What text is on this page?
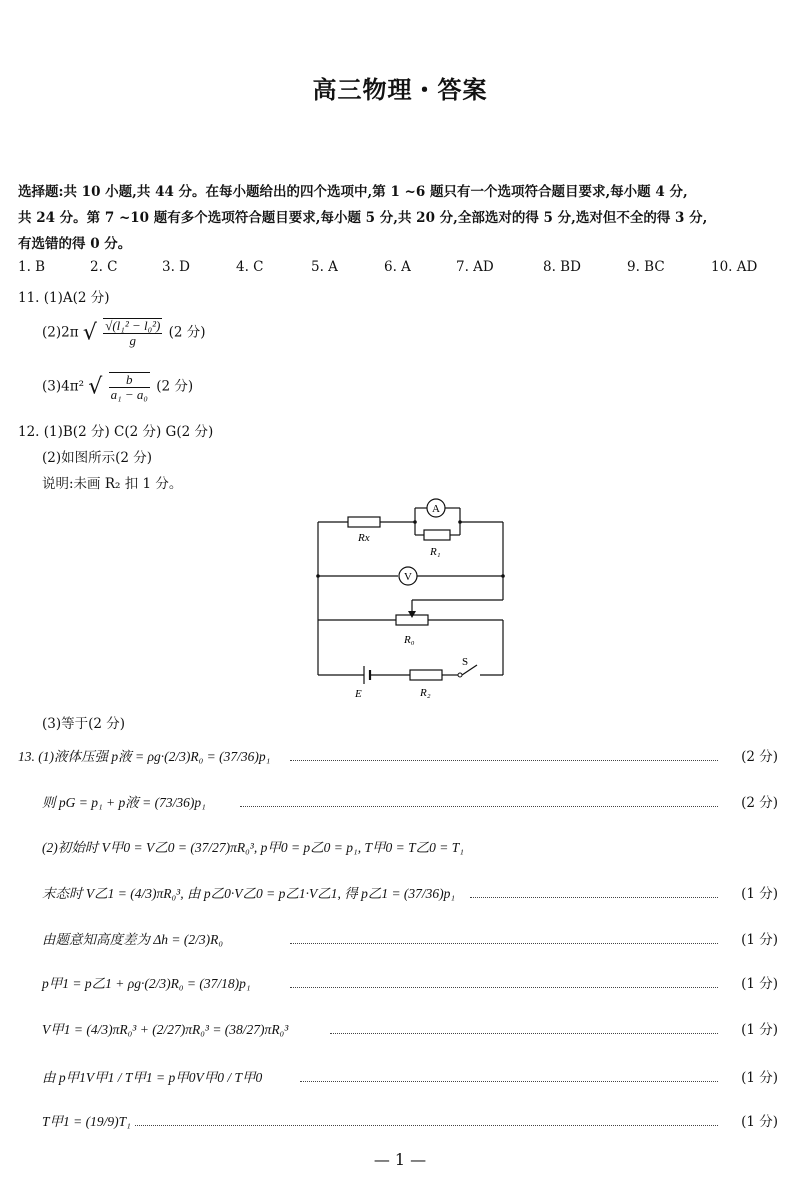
高三物理・答案
选择题:共 10 小题,共 44 分。在每小题给出的四个选项中,第 1 ~6 题只有一个选项符合题目要求,每小题 4 分,
共 24 分。第 7 ~10 题有多个选项符合题目要求,每小题 5 分,共 20 分,全部选对的得 5 分,选对但不全的得 3 分,
有选错的得 0 分。
1. B	2. C	3. D	4. C	5. A	6. A	7. AD	8. BD	9. BC	10. AD
11. (1)A(2 分)
(2)2π √ $\frac{\text{√(l₁² − l₀²)}}{g} (2$ 分)
(3)4π² √ $\frac{b}{\text{a₁ − a₀}} (2$ 分)
12. (1)B(2 分) C(2 分) G(2 分)
(2)如图所示(2 分)
说明:未画 R₂ 扣 1 分。
A
V
Rx
R₁
R₀
E	R₂
S
(3)等于(2 分)
13. (1)液体压强 p液 = ρg·(2/3)R₀ = (37/36)p₁	(2 分)
则 pG = p₁ + p液 = (73/36)p₁	(2 分)
(2)初始时 V甲0 = V乙0 = (37/27)πR₀³, p甲0 = p乙0 = p₁, T甲0 = T乙0 = T₁
末态时 V乙1 = (4/3)πR₀³, 由 p乙0·V乙0 = p乙1·V乙1, 得 p乙1 = (37/36)p₁	(1 分)
由题意知高度差为 Δh = (2/3)R₀	(1 分)
p甲1 = p乙1 + ρg·(2/3)R₀ = (37/18)p₁	(1 分)
V甲1 = (4/3)πR₀³ + (2/27)πR₀³ = (38/27)πR₀³	(1 分)
由 p甲1V甲1 / T甲1 = p甲0V甲0 / T甲0	(1 分)
T甲1 = (19/9)T₁	(1 分)
— 1 —
